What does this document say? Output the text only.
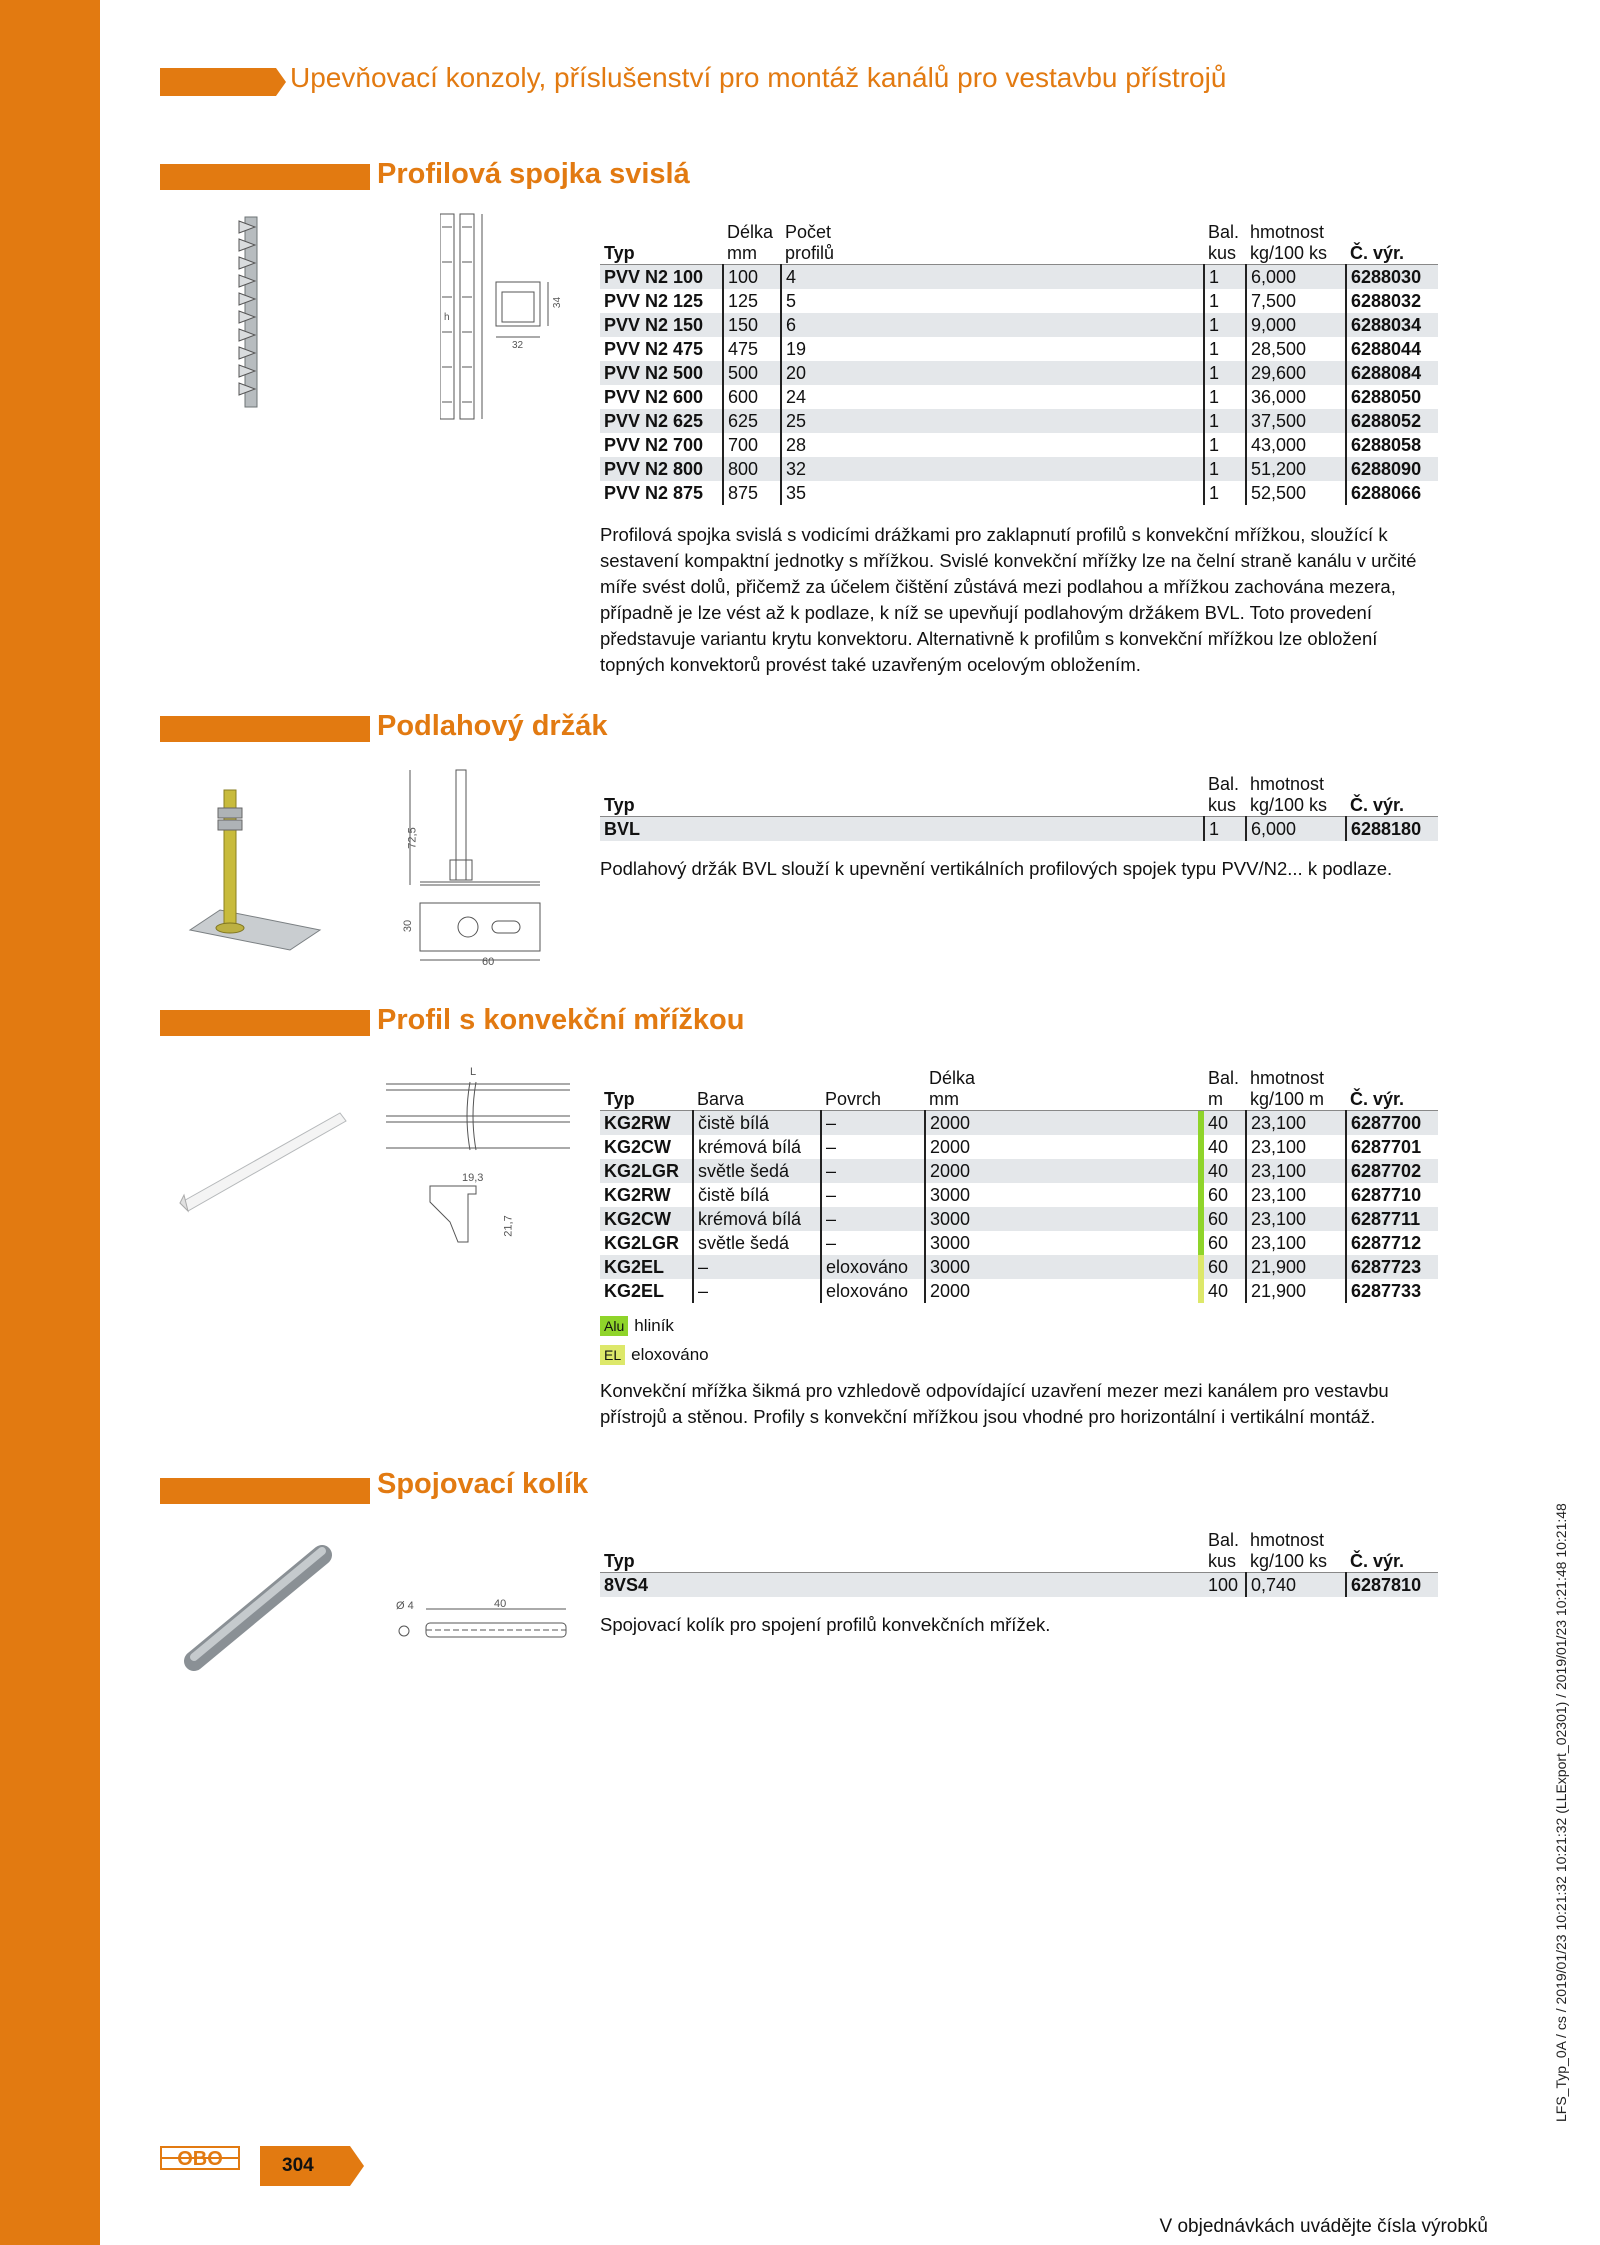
Upevňovací konzoly, příslušenství pro montáž kanálů pro vestavbu přístrojů
Profilová spojka svislá
h
34
32
	Délka	Počet	Bal.	hmotnost	
Typ	mm	profilů	kus	kg/100 ks	Č. výr.
PVV N2 100	100	4	1	6,000	6288030
PVV N2 125	125	5	1	7,500	6288032
PVV N2 150	150	6	1	9,000	6288034
PVV N2 475	475	19	1	28,500	6288044
PVV N2 500	500	20	1	29,600	6288084
PVV N2 600	600	24	1	36,000	6288050
PVV N2 625	625	25	1	37,500	6288052
PVV N2 700	700	28	1	43,000	6288058
PVV N2 800	800	32	1	51,200	6288090
PVV N2 875	875	35	1	52,500	6288066
Profilová spojka svislá s vodicími drážkami pro zaklapnutí profilů s konvekční mřížkou, sloužící k sestavení kompaktní jednotky s mřížkou. Svislé konvekční mřížky lze na čelní straně kanálu v určité míře svést dolů, přičemž za účelem čištění zůstává mezi podlahou a mřížkou zachována mezera, případně je lze vést až k podlaze, k níž se upevňují podlahovým držákem BVL. Toto provedení představuje variantu krytu konvektoru. Alternativně k profilům s konvekční mřížkou lze obložení topných konvektorů provést také uzavřeným ocelovým obložením.
Podlahový držák
72,5
30
60
	Bal.	hmotnost	
Typ	kus	kg/100 ks	Č. výr.
BVL	1	6,000	6288180
Podlahový držák BVL slouží k upevnění vertikálních profilových spojek typu PVV/N2... k podlaze.
Profil s konvekční mřížkou
L
19,3
21,7
			Délka		Bal.	hmotnost	
Typ	Barva	Povrch	mm		m	kg/100 m	Č. výr.
KG2RW	čistě bílá	–	2000		40	23,100	6287700
KG2CW	krémová bílá	–	2000		40	23,100	6287701
KG2LGR	světle šedá	–	2000		40	23,100	6287702
KG2RW	čistě bílá	–	3000		60	23,100	6287710
KG2CW	krémová bílá	–	3000		60	23,100	6287711
KG2LGR	světle šedá	–	3000		60	23,100	6287712
KG2EL	–	eloxováno	3000		60	21,900	6287723
KG2EL	–	eloxováno	2000		40	21,900	6287733
Alu hliník
EL eloxováno
Konvekční mřížka šikmá pro vzhledově odpovídající uzavření mezer mezi kanálem pro vestavbu přístrojů a stěnou. Profily s konvekční mřížkou jsou vhodné pro horizontální i vertikální montáž.
Spojovací kolík
Ø 4	40
	Bal.	hmotnost	
Typ	kus	kg/100 ks	Č. výr.
8VS4	100	0,740	6287810
Spojovací kolík pro spojení profilů konvekčních mřížek.
OBO	304
V objednávkách uvádějte čísla výrobků
LFS_Typ_0A / cs / 2019/01/23 10:21:32 10:21:32 (LLExport_02301) / 2019/01/23 10:21:48 10:21:48
